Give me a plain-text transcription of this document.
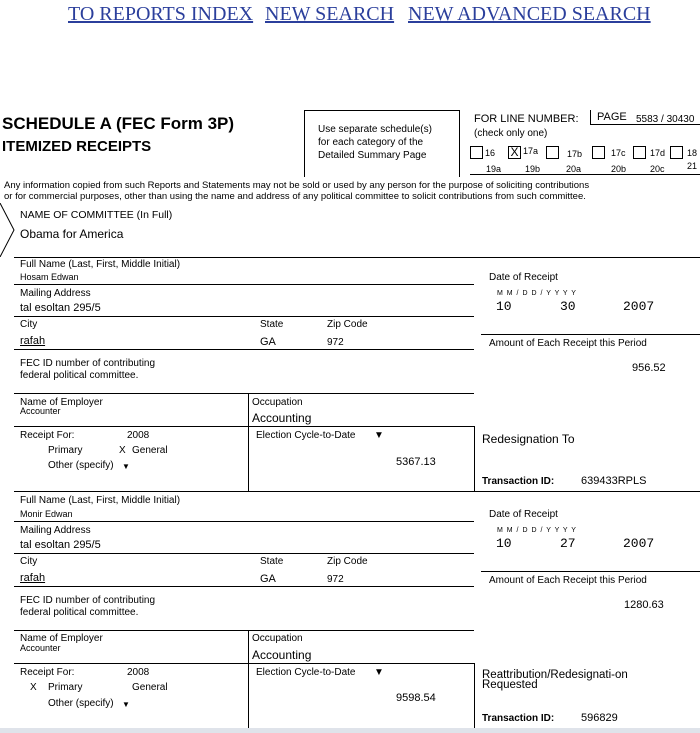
TO REPORTS INDEX NEW SEARCH NEW ADVANCED SEARCH
SCHEDULE A (FEC Form 3P)
ITEMIZED RECEIPTS
Use separate schedule(s)
for each category of the
Detailed Summary Page
FOR LINE NUMBER:
(check only one)
PAGE 5583 / 30430
16 X 17a
19a
17b
19b
17c
20a
17d
20b
18
20c 21
Any information copied from such Reports and Statements may not be sold or used by any person for the purpose of soliciting contributions
or for commercial purposes, other than using the name and address of any political committee to solicit contributions from such committee.
NAME OF COMMITTEE (In Full)
Obama for America
Full Name (Last, First, Middle Initial)
Hosam Edwan
Mailing Address
tal esoltan 295/5
City	State	Zip Code
rafah	GA	972
FEC ID number of contributing
federal political committee.
Name of Employer
Accounter
Occupation
Accounting
Receipt For:	2008
Primary	X General
Other (specify) ▼
Election Cycle-to-Date ▼
5367.13
Date of Receipt
M M / D D / Y Y Y Y
10	30	2007
Amount of Each Receipt this Period
956.52
Redesignation To
Transaction ID: 639433RPLS
Full Name (Last, First, Middle Initial)
Monir Edwan
Mailing Address
tal esoltan 295/5
City	State	Zip Code
rafah	GA	972
FEC ID number of contributing
federal political committee.
Name of Employer
Accounter
Occupation
Accounting
Receipt For:	2008
X Primary	General
Other (specify) ▼
Election Cycle-to-Date ▼
9598.54
Date of Receipt
M M / D D / Y Y Y Y
10	27	2007
Amount of Each Receipt this Period
1280.63
Reattribution/Redesignati-on Requested
Transaction ID: 596829
